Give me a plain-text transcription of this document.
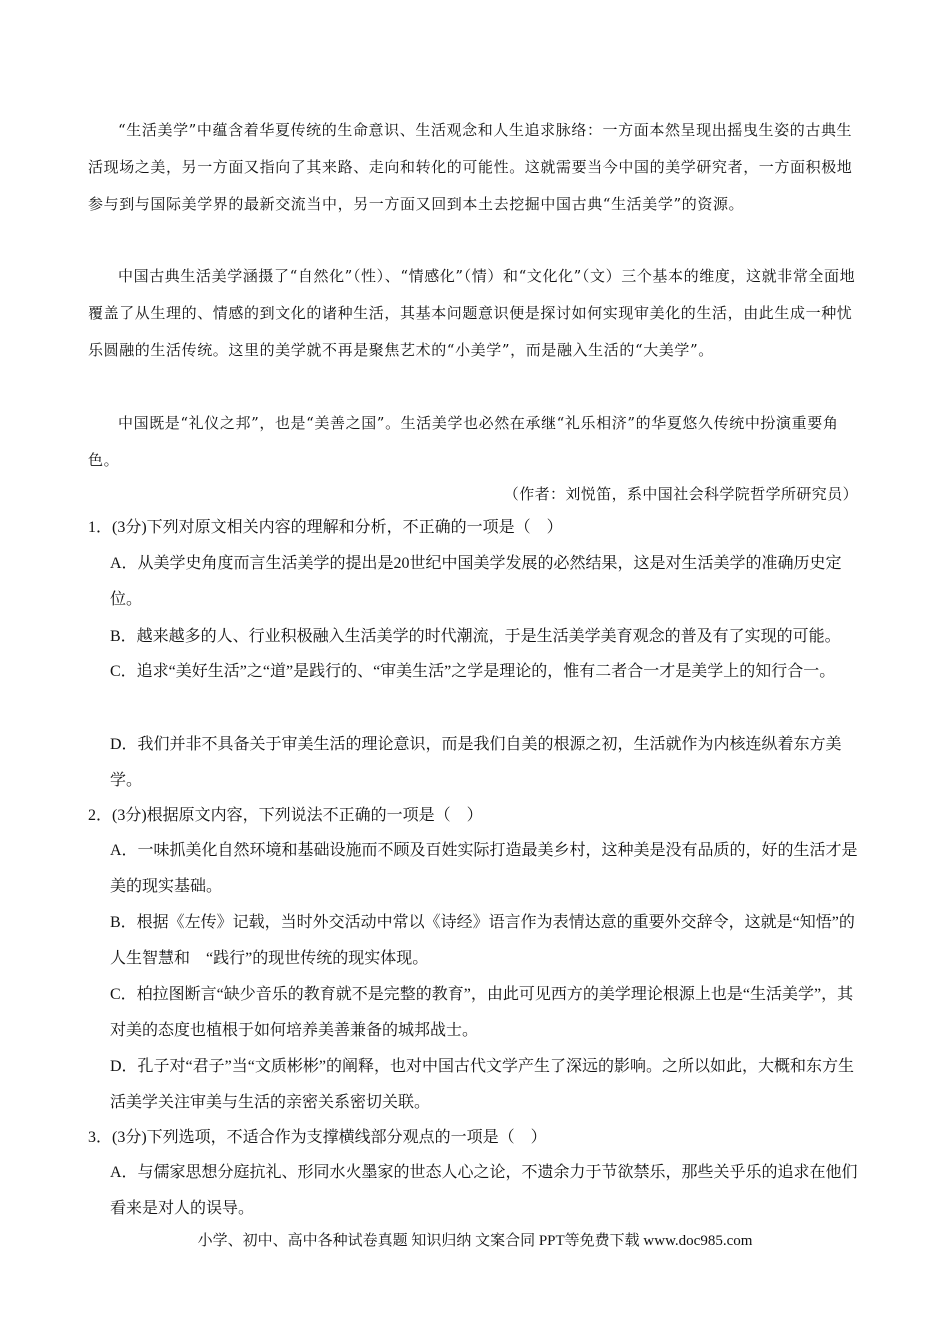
“生活美学”中蕴含着华夏传统的生命意识、生活观念和人生追求脉络：一方面本然呈现出摇曳生姿的古典生活现场之美，另一方面又指向了其来路、走向和转化的可能性。这就需要当今中国的美学研究者，一方面积极地参与到与国际美学界的最新交流当中，另一方面又回到本土去挖掘中国古典“生活美学”的资源。

中国古典生活美学涵摄了“自然化”（性）、“情感化”（情）和“文化化”（文）三个基本的维度，这就非常全面地覆盖了从生理的、情感的到文化的诸种生活，其基本问题意识便是探讨如何实现审美化的生活，由此生成一种忧乐圆融的生活传统。这里的美学就不再是聚焦艺术的“小美学”，而是融入生活的“大美学”。

中国既是“礼仪之邦”，也是“美善之国”。生活美学也必然在承继“礼乐相济”的华夏悠久传统中扮演重要角色。

（作者：刘悦笛，系中国社会科学院哲学所研究员）

1．(3分)下列对原文相关内容的理解和分析，不正确的一项是（　）

A．从美学史角度而言生活美学的提出是20世纪中国美学发展的必然结果，这是对生活美学的准确历史定位。

B．越来越多的人、行业积极融入生活美学的时代潮流，于是生活美学美育观念的普及有了实现的可能。

C．追求“美好生活”之“道”是践行的、“审美生活”之学是理论的，惟有二者合一才是美学上的知行合一。

D．我们并非不具备关于审美生活的理论意识，而是我们自美的根源之初，生活就作为内核连纵着东方美学。

2．(3分)根据原文内容，下列说法不正确的一项是（　）

A．一味抓美化自然环境和基础设施而不顾及百姓实际打造最美乡村，这种美是没有品质的，好的生活才是美的现实基础。

B．根据《左传》记载，当时外交活动中常以《诗经》语言作为表情达意的重要外交辞令，这就是“知悟”的人生智慧和　“践行”的现世传统的现实体现。

C．柏拉图断言“缺少音乐的教育就不是完整的教育”，由此可见西方的美学理论根源上也是“生活美学”，其对美的态度也植根于如何培养美善兼备的城邦战士。

D．孔子对“君子”当“文质彬彬”的阐释，也对中国古代文学产生了深远的影响。之所以如此，大概和东方生活美学关注审美与生活的亲密关系密切关联。

3．(3分)下列选项，不适合作为支撑横线部分观点的一项是（　）

A．与儒家思想分庭抗礼、形同水火墨家的世态人心之论，不遗余力于节欲禁乐，那些关乎乐的追求在他们看来是对人的误导。

小学、初中、高中各种试卷真题 知识归纳 文案合同 PPT等免费下载 www.doc985.com
